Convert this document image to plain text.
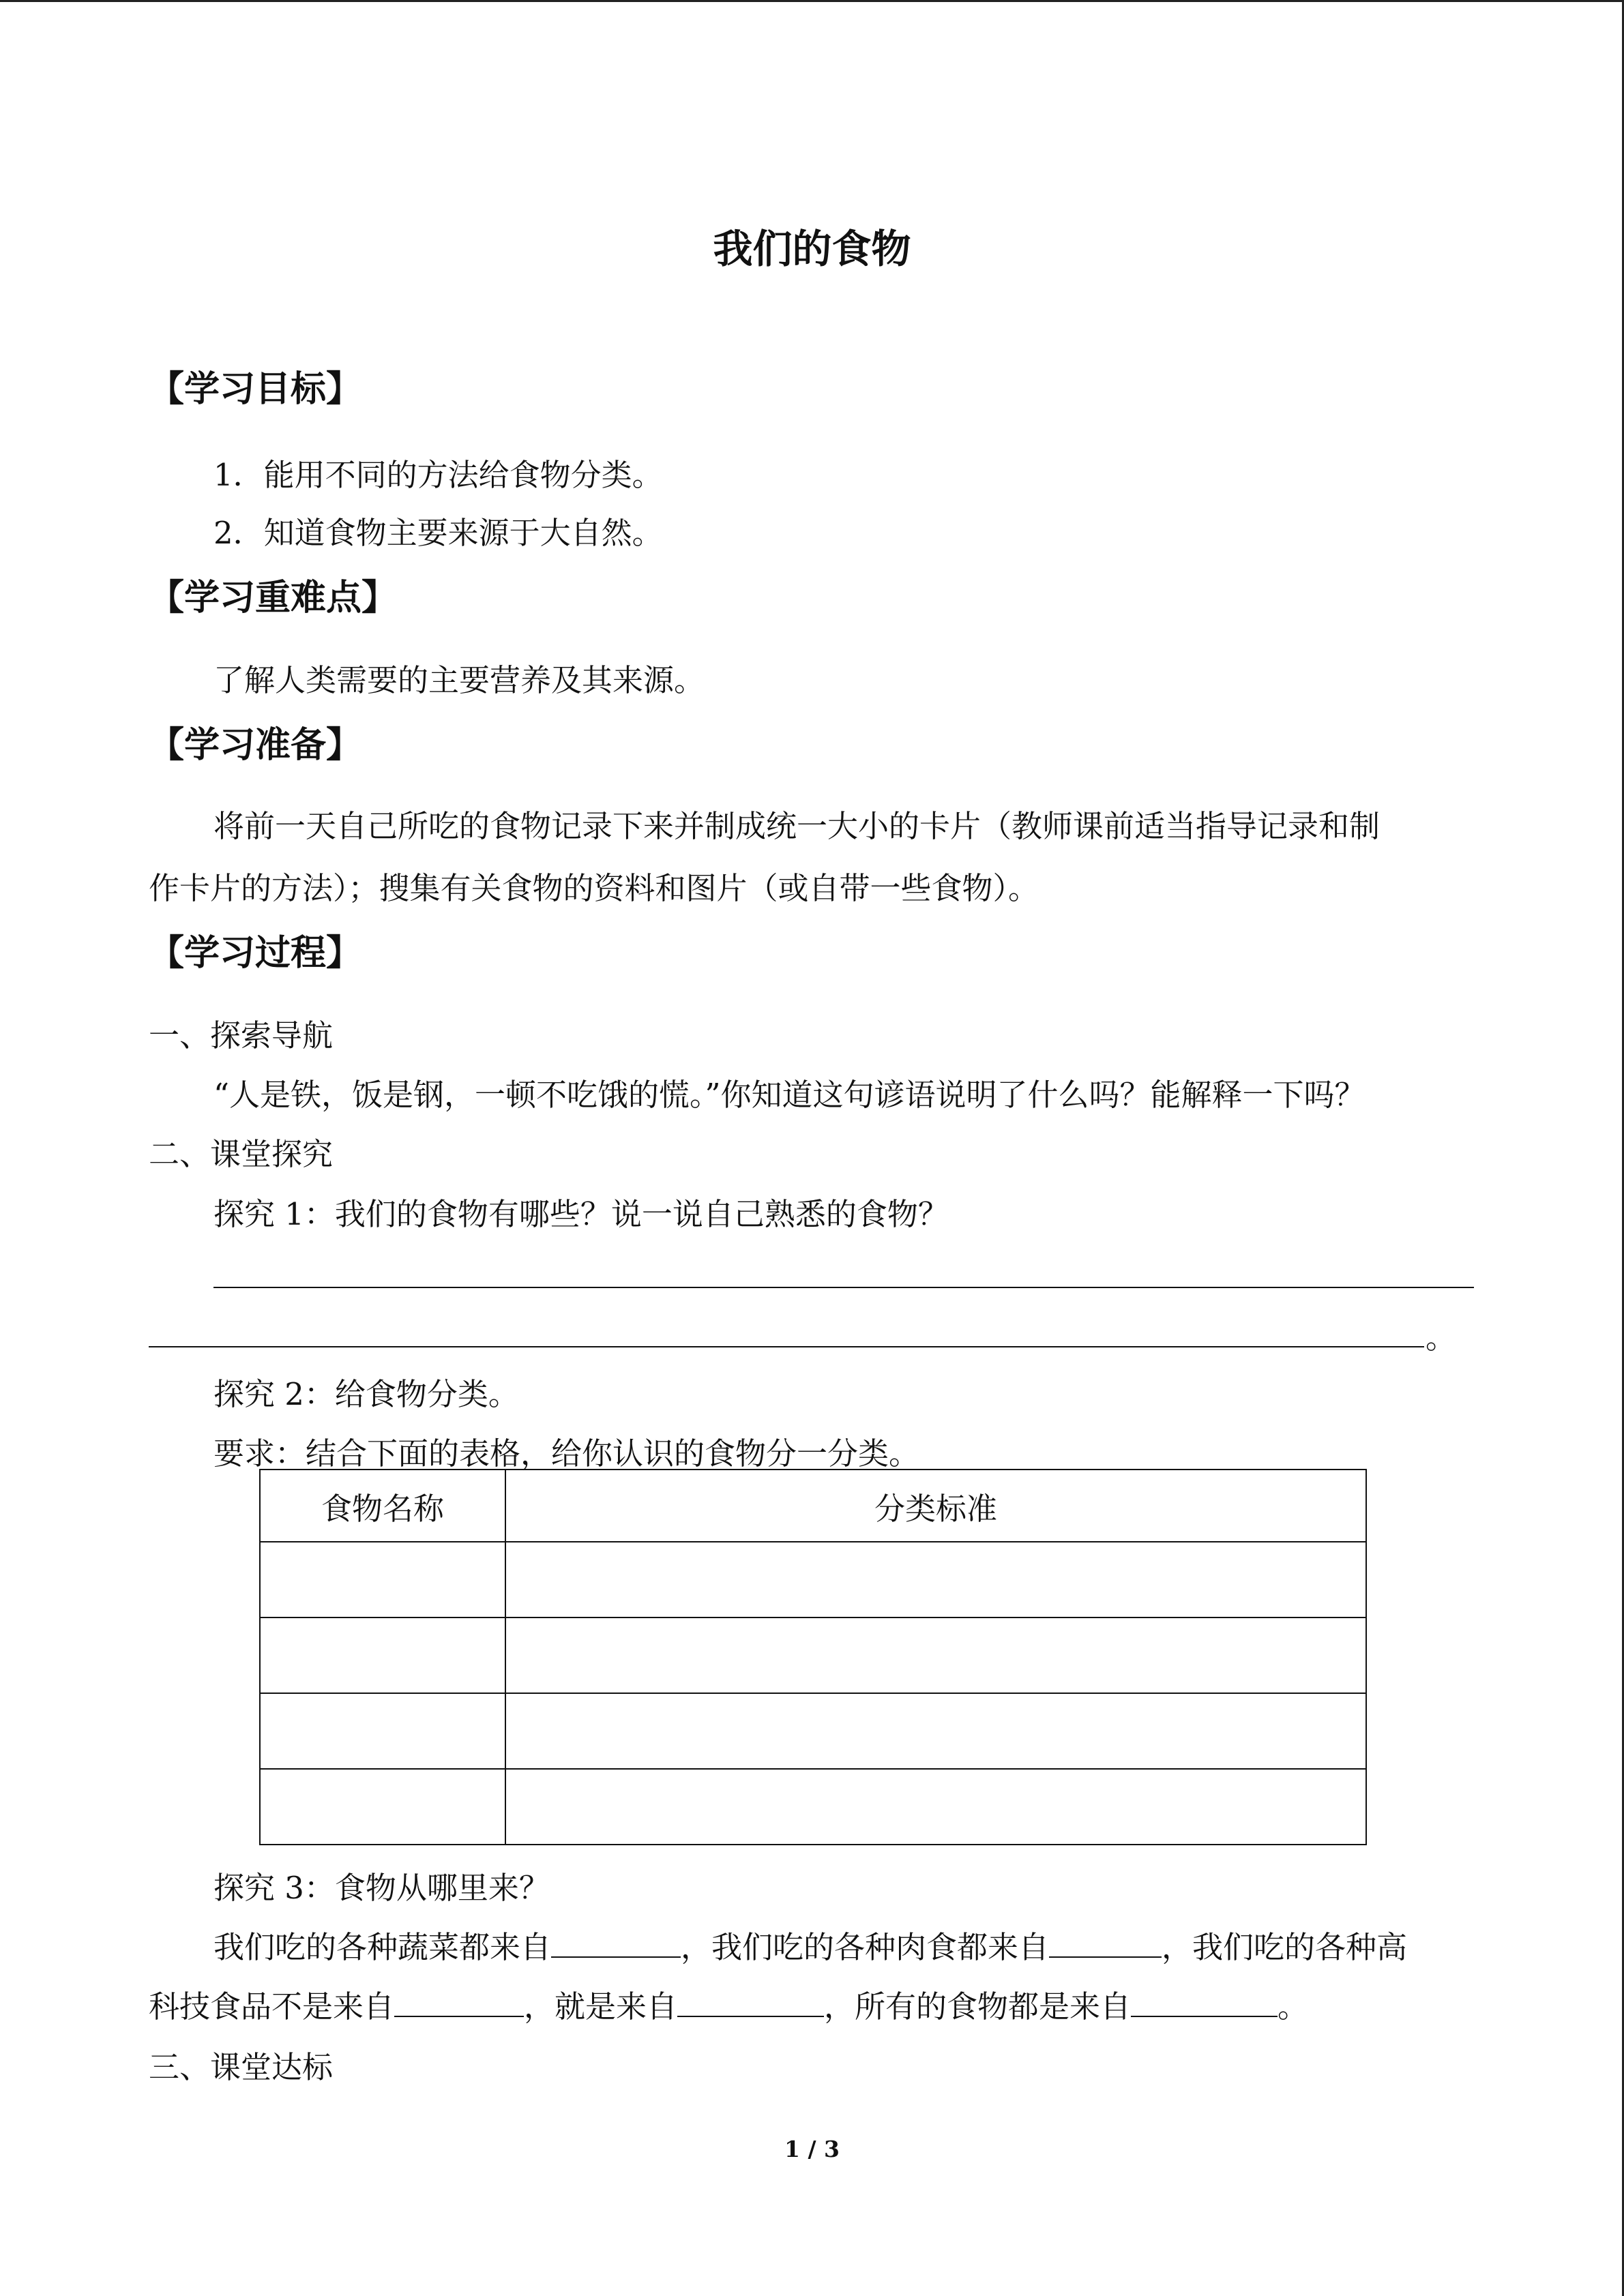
我们的食物
【学习目标】
1．能用不同的方法给食物分类。
2．知道食物主要来源于大自然。
【学习重难点】
了解人类需要的主要营养及其来源。
【学习准备】
将前一天自己所吃的食物记录下来并制成统一大小的卡片（教师课前适当指导记录和制
作卡片的方法）；搜集有关食物的资料和图片（或自带一些食物）。
【学习过程】
一、探索导航
“人是铁，饭是钢，一顿不吃饿的慌。”你知道这句谚语说明了什么吗？能解释一下吗？
二、课堂探究
探究 1：我们的食物有哪些？说一说自己熟悉的食物？
。
探究 2：给食物分类。
要求：结合下面的表格，给你认识的食物分一分类。
食物名称	分类标准

探究 3：食物从哪里来？
我们吃的各种蔬菜都来自	，我们吃的各种肉食都来自	，我们吃的各种高
科技食品不是来自	，就是来自	，所有的食物都是来自	。
三、课堂达标
1 / 3
